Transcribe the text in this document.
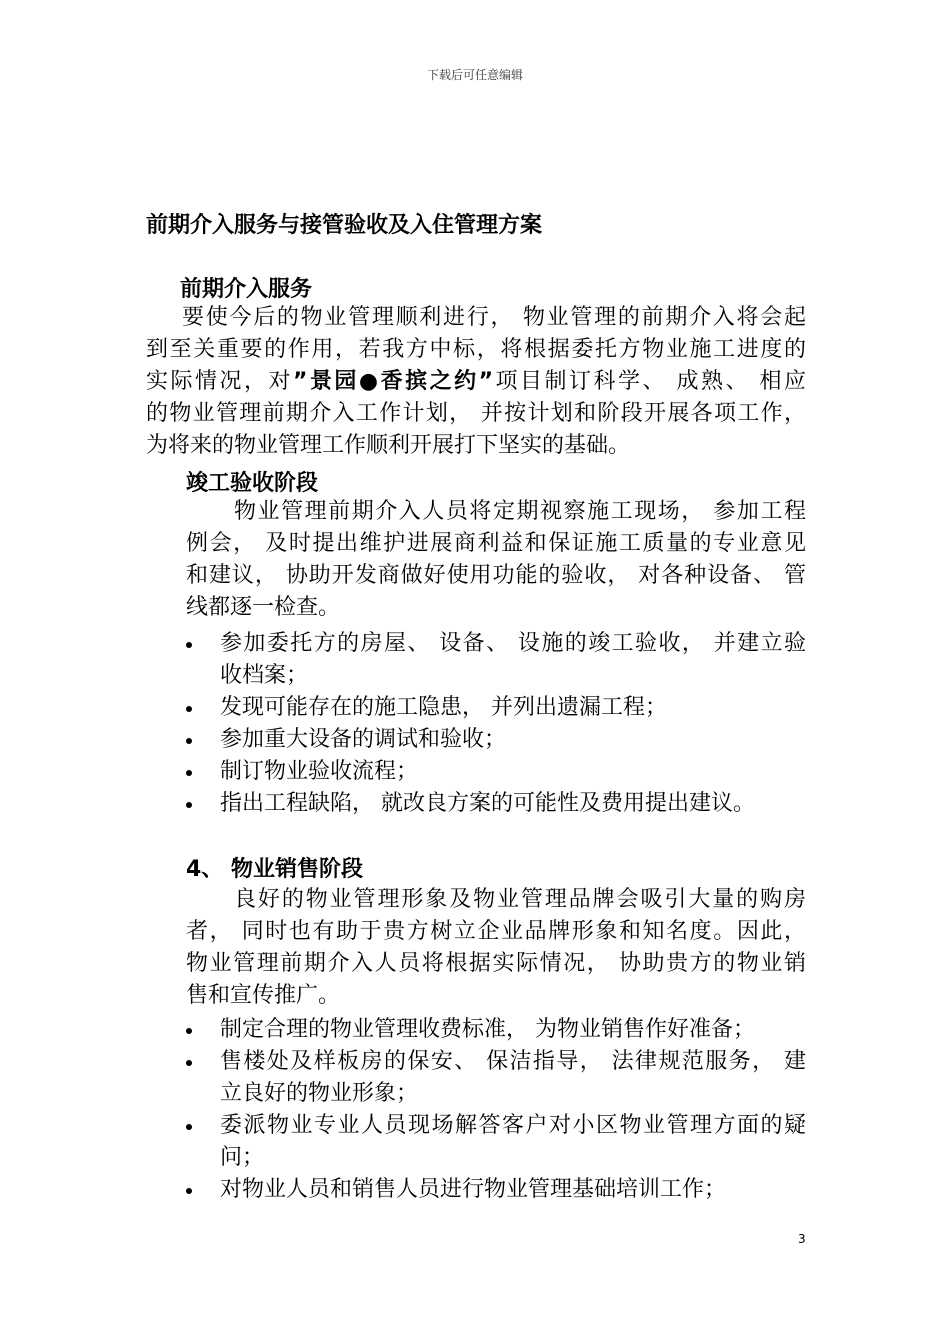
下载后可任意编辑
前期介入服务与接管验收及入住管理方案
前期介入服务
要使今后的物业管理顺利进行， 物业管理的前期介入将会起
到至关重要的作用，若我方中标，将根据委托方物业施工进度的
实际情况，对”景园●香摈之约”项目制订科学、 成熟、 相应
的物业管理前期介入工作计划， 并按计划和阶段开展各项工作，
为将来的物业管理工作顺利开展打下坚实的基础。
竣工验收阶段
物业管理前期介入人员将定期视察施工现场， 参加工程
例会， 及时提出维护进展商利益和保证施工质量的专业意见
和建议， 协助开发商做好使用功能的验收， 对各种设备、 管
线都逐一检查。
参加委托方的房屋、 设备、 设施的竣工验收， 并建立验
收档案；
发现可能存在的施工隐患， 并列出遗漏工程；
参加重大设备的调试和验收；
制订物业验收流程；
指出工程缺陷， 就改良方案的可能性及费用提出建议。
4、 物业销售阶段
良好的物业管理形象及物业管理品牌会吸引大量的购房
者， 同时也有助于贵方树立企业品牌形象和知名度。因此，
物业管理前期介入人员将根据实际情况， 协助贵方的物业销
售和宣传推广。
制定合理的物业管理收费标准， 为物业销售作好准备；
售楼处及样板房的保安、 保洁指导， 法律规范服务， 建
立良好的物业形象；
委派物业专业人员现场解答客户对小区物业管理方面的疑
问；
对物业人员和销售人员进行物业管理基础培训工作；
3
